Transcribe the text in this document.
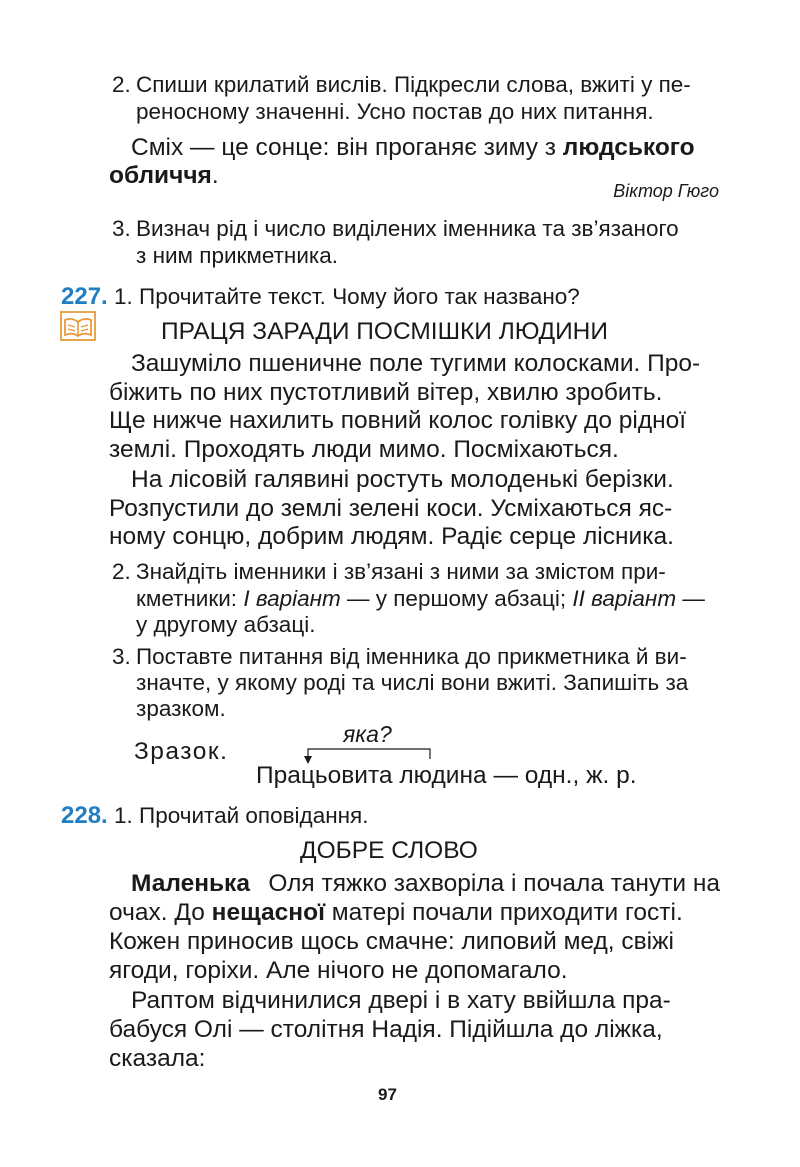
2. Спиши крилатий вислів. Підкресли слова, вжиті у пе-
реносному значенні. Усно постав до них питання.
Сміх — це сонце: він проганяє зиму з людського
обличчя.
Віктор Гюго
3. Визнач рід і число виділених іменника та зв’язаного
з ним прикметника.
227. 1. Прочитайте текст. Чому його так названо?
ПРАЦЯ ЗАРАДИ ПОСМІШКИ ЛЮДИНИ
Зашуміло пшеничне поле тугими колосками. Про-
біжить по них пустотливий вітер, хвилю зробить.
Ще нижче нахилить повний колос голівку до рідної
землі. Проходять люди мимо. Посміхаються.
На лісовій галявині ростуть молоденькі берізки.
Розпустили до землі зелені коси. Усміхаються яс-
ному сонцю, добрим людям. Радіє серце лісника.
2. Знайдіть іменники і зв’язані з ними за змістом при-
кметники: І варіант — у першому абзаці; ІІ варіант —
у другому абзаці.
3. Поставте питання від іменника до прикметника й ви-
значте, у якому роді та числі вони вжиті. Запишіть за
зразком.
Зразок.
яка?
Працьовита людина — одн., ж. р.
228. 1. Прочитай оповідання.
ДОБРЕ СЛОВО
Маленька Оля тяжко захворіла і почала танути на
очах. До нещасної матері почали приходити гості.
Кожен приносив щось смачне: липовий мед, свіжі
ягоди, горіхи. Але нічого не допомагало.
Раптом відчинилися двері і в хату ввійшла пра-
бабуся Олі — столітня Надія. Підійшла до ліжка,
сказала:
97
